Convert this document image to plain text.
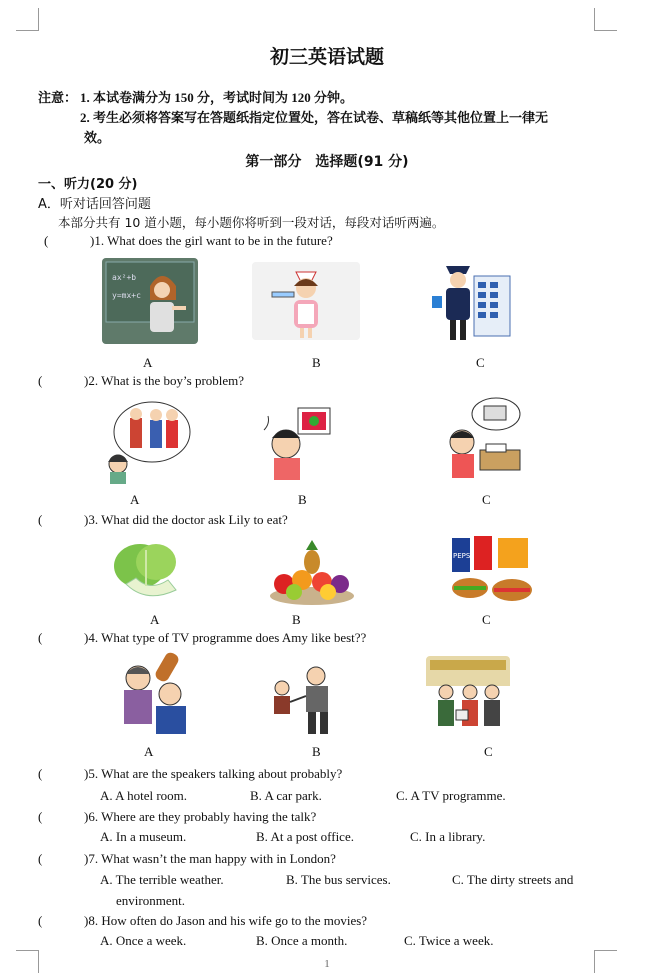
初三英语试题
注意： 1. 本试卷满分为 150 分，考试时间为 120 分钟。
2. 考生必须将答案写在答题纸指定位置处，答在试卷、草稿纸等其他位置上一律无
效。
第一部分　选择题(91 分)
一、听力(20 分)
A．听对话回答问题
本部分共有 10 道小题，每小题你将听到一段对话，每段对话听两遍。
(	)1. What does the girl want to be in the future?
ax²+b
y=mx+c
A	B	C
(	)2. What is the boy’s problem?
A	B	C
(	)3. What did the doctor ask Lily to eat?
PEPSI
A	B	C
(	)4. What type of TV programme does Amy like best??
A	B	C
(	)5. What are the speakers talking about probably?
A. A hotel room.	B. A car park.	C. A TV programme.
(	)6. Where are they probably having the talk?
A. In a museum.	B. At a post office.	C. In a library.
(	)7. What wasn’t the man happy with in London?
A. The terrible weather.	B. The bus services.	C. The dirty streets and
environment.
(	)8. How often do Jason and his wife go to the movies?
A. Once a week.	B. Once a month.	C. Twice a week.
1
